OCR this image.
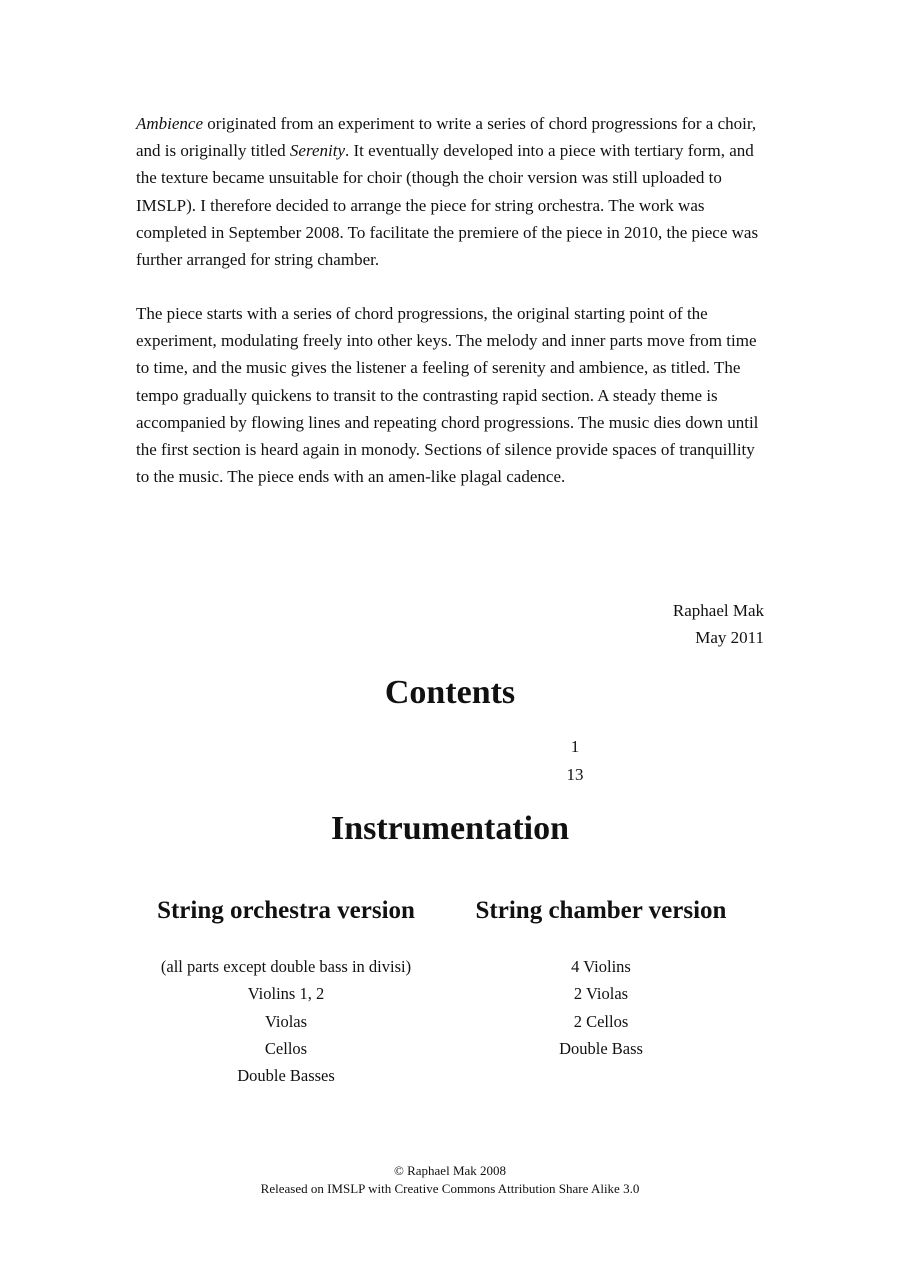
Ambience originated from an experiment to write a series of chord progressions for a choir, and is originally titled Serenity. It eventually developed into a piece with tertiary form, and the texture became unsuitable for choir (though the choir version was still uploaded to IMSLP). I therefore decided to arrange the piece for string orchestra. The work was completed in September 2008. To facilitate the premiere of the piece in 2010, the piece was further arranged for string chamber.

The piece starts with a series of chord progressions, the original starting point of the experiment, modulating freely into other keys. The melody and inner parts move from time to time, and the music gives the listener a feeling of serenity and ambience, as titled. The tempo gradually quickens to transit to the contrasting rapid section. A steady theme is accompanied by flowing lines and repeating chord progressions. The music dies down until the first section is heard again in monody. Sections of silence provide spaces of tranquillity to the music. The piece ends with an amen-like plagal cadence.

Raphael Mak
May 2011
Contents
1
13
Instrumentation
String orchestra version	String chamber version
(all parts except double bass in divisi)
Violins 1, 2
Violas
Cellos
Double Basses
4 Violins
2 Violas
2 Cellos
Double Bass
© Raphael Mak 2008
Released on IMSLP with Creative Commons Attribution Share Alike 3.0
